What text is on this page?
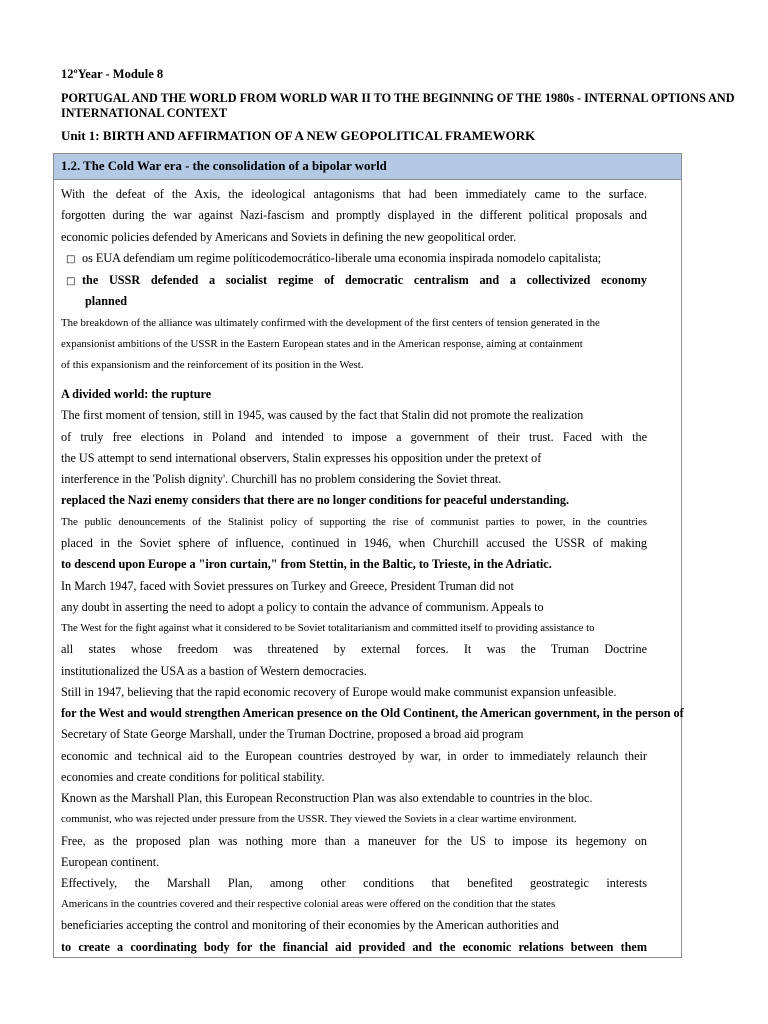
12ºYear - Module 8
PORTUGAL AND THE WORLD FROM WORLD WAR II TO THE BEGINNING OF THE 1980s - INTERNAL OPTIONS AND INTERNATIONAL CONTEXT
Unit 1: BIRTH AND AFFIRMATION OF A NEW GEOPOLITICAL FRAMEWORK
1.2. The Cold War era - the consolidation of a bipolar world
With the defeat of the Axis, the ideological antagonisms that had been immediately came to the surface.
forgotten during the war against Nazi-fascism and promptly displayed in the different political proposals and
economic policies defended by Americans and Soviets in defining the new geopolitical order.
□ os EUA defendiam um regime políticodemocrático-liberale uma economia inspirada nomodelo capitalista;
□ the USSR defended a socialist regime of democratic centralism and a collectivized economy
planned
The breakdown of the alliance was ultimately confirmed with the development of the first centers of tension generated in the
expansionist ambitions of the USSR in the Eastern European states and in the American response, aiming at containment
of this expansionism and the reinforcement of its position in the West.
A divided world: the rupture
The first moment of tension, still in 1945, was caused by the fact that Stalin did not promote the realization
of truly free elections in Poland and intended to impose a government of their trust. Faced with the
the US attempt to send international observers, Stalin expresses his opposition under the pretext of
interference in the 'Polish dignity'. Churchill has no problem considering the Soviet threat.
replaced the Nazi enemy considers that there are no longer conditions for peaceful understanding.
The public denouncements of the Stalinist policy of supporting the rise of communist parties to power, in the countries
placed in the Soviet sphere of influence, continued in 1946, when Churchill accused the USSR of making
to descend upon Europe a "iron curtain," from Stettin, in the Baltic, to Trieste, in the Adriatic.
In March 1947, faced with Soviet pressures on Turkey and Greece, President Truman did not
any doubt in asserting the need to adopt a policy to contain the advance of communism. Appeals to
The West for the fight against what it considered to be Soviet totalitarianism and committed itself to providing assistance to
all states whose freedom was threatened by external forces. It was the Truman Doctrine
institutionalized the USA as a bastion of Western democracies.
Still in 1947, believing that the rapid economic recovery of Europe would make communist expansion unfeasible.
for the West and would strengthen American presence on the Old Continent, the American government, in the person of
Secretary of State George Marshall, under the Truman Doctrine, proposed a broad aid program
economic and technical aid to the European countries destroyed by war, in order to immediately relaunch their
economies and create conditions for political stability.
Known as the Marshall Plan, this European Reconstruction Plan was also extendable to countries in the bloc.
communist, who was rejected under pressure from the USSR. They viewed the Soviets in a clear wartime environment.
Free, as the proposed plan was nothing more than a maneuver for the US to impose its hegemony on
European continent.
Effectively, the Marshall Plan, among other conditions that benefited geostrategic interests
Americans in the countries covered and their respective colonial areas were offered on the condition that the states
beneficiaries accepting the control and monitoring of their economies by the American authorities and
to create a coordinating body for the financial aid provided and the economic relations between them
